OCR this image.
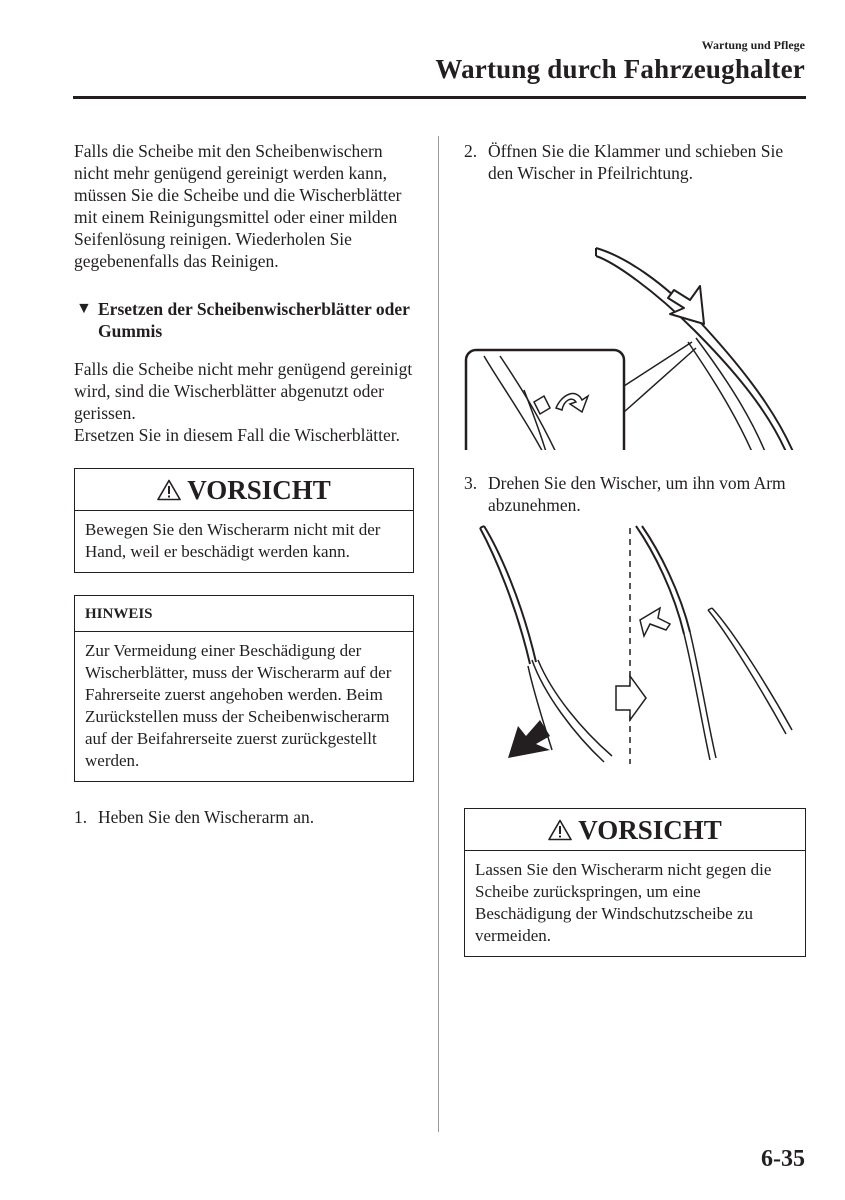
Wartung und Pflege
Wartung durch Fahrzeughalter

Falls die Scheibe mit den Scheibenwischern nicht mehr genügend gereinigt werden kann, müssen Sie die Scheibe und die Wischerblätter mit einem Reinigungsmittel oder einer milden Seifenlösung reinigen. Wiederholen Sie gegebenenfalls das Reinigen.

▼ Ersetzen der Scheibenwischerblätter oder Gummis

Falls die Scheibe nicht mehr genügend gereinigt wird, sind die Wischerblätter abgenutzt oder gerissen.

Ersetzen Sie in diesem Fall die Wischerblätter.

VORSICHT
Bewegen Sie den Wischerarm nicht mit der Hand, weil er beschädigt werden kann.
HINWEIS
Zur Vermeidung einer Beschädigung der Wischerblätter, muss der Wischerarm auf der Fahrerseite zuerst angehoben werden. Beim Zurückstellen muss der Scheibenwischerarm auf der Beifahrerseite zuerst zurückgestellt werden.
1. Heben Sie den Wischerarm an.
2. Öffnen Sie die Klammer und schieben Sie den Wischer in Pfeilrichtung.
3. Drehen Sie den Wischer, um ihn vom Arm abzunehmen.
VORSICHT
Lassen Sie den Wischerarm nicht gegen die Scheibe zurückspringen, um eine Beschädigung der Windschutzscheibe zu vermeiden.
6-35
